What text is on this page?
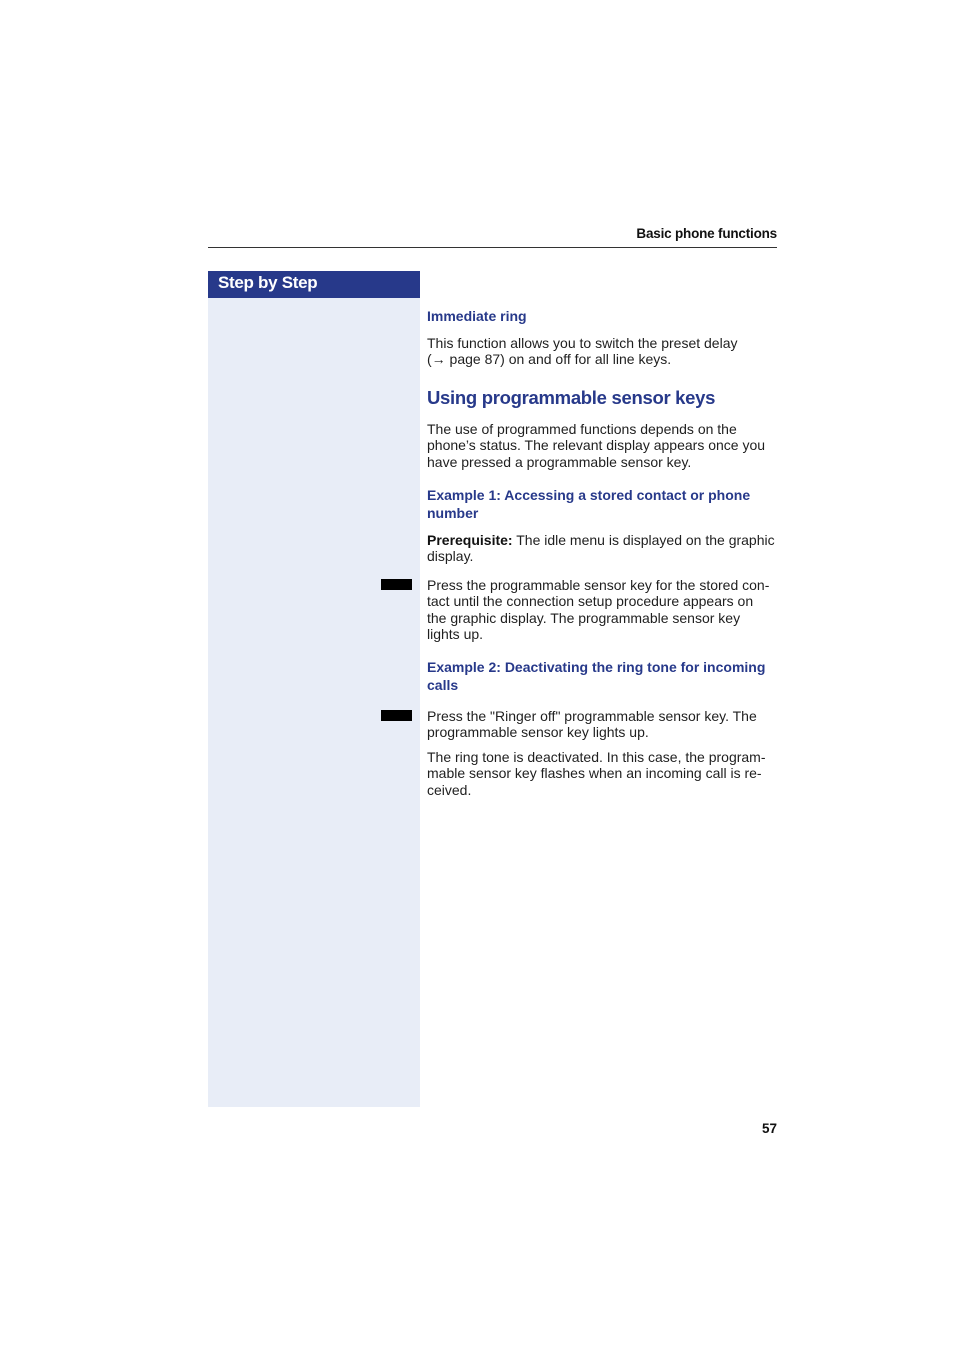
Basic phone functions
Step by Step
Immediate ring
This function allows you to switch the preset delay
(→ page 87) on and off for all line keys.
Using programmable sensor keys
The use of programmed functions depends on the
phone’s status. The relevant display appears once you
have pressed a programmable sensor key.
Example 1: Accessing a stored contact or phone
number
Prerequisite: The idle menu is displayed on the graphic
display.
Press the programmable sensor key for the stored con-
tact until the connection setup procedure appears on
the graphic display. The programmable sensor key
lights up.
Example 2: Deactivating the ring tone for incoming
calls
Press the "Ringer off" programmable sensor key. The
programmable sensor key lights up.
The ring tone is deactivated. In this case, the program-
mable sensor key flashes when an incoming call is re-
ceived.
57
